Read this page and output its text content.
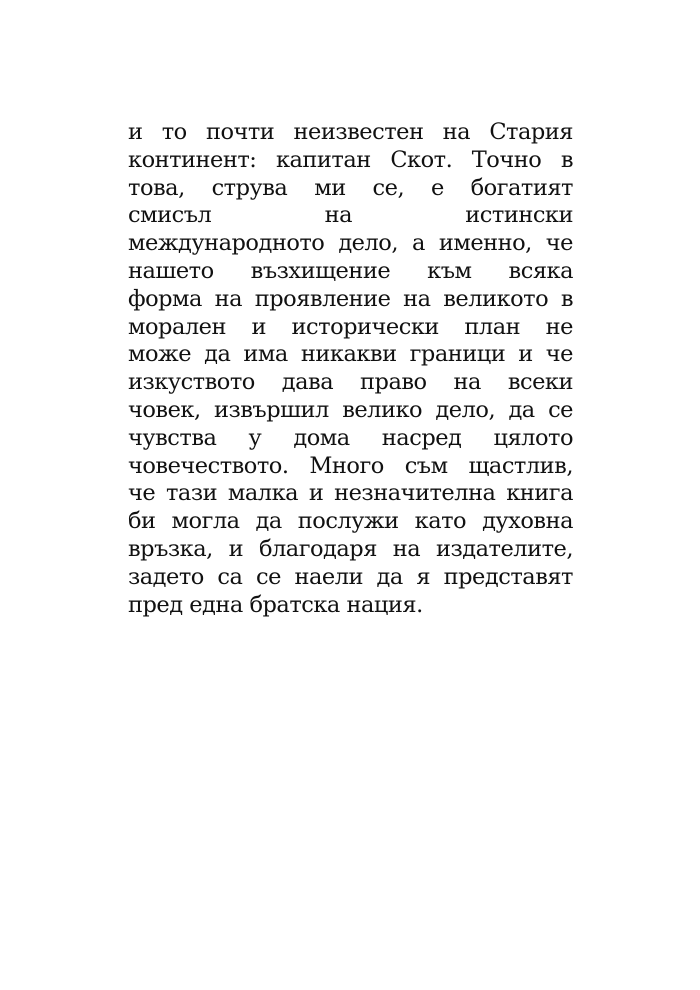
и то почти неизвестен на Стария
континент: капитан Скот. Точно в
това, струва ми се, е богатият
смисъл на истински
международното дело, а именно, че
нашето възхищение към всяка
форма на проявление на великото в
морален и исторически план не
може да има никакви граници и че
изкуството дава право на всеки
човек, извършил велико дело, да се
чувства у дома насред цялото
човечеството. Много съм щастлив,
че тази малка и незначителна книга
би могла да послужи като духовна
връзка, и благодаря на издателите,
задето са се наели да я представят
пред една братска нация.
